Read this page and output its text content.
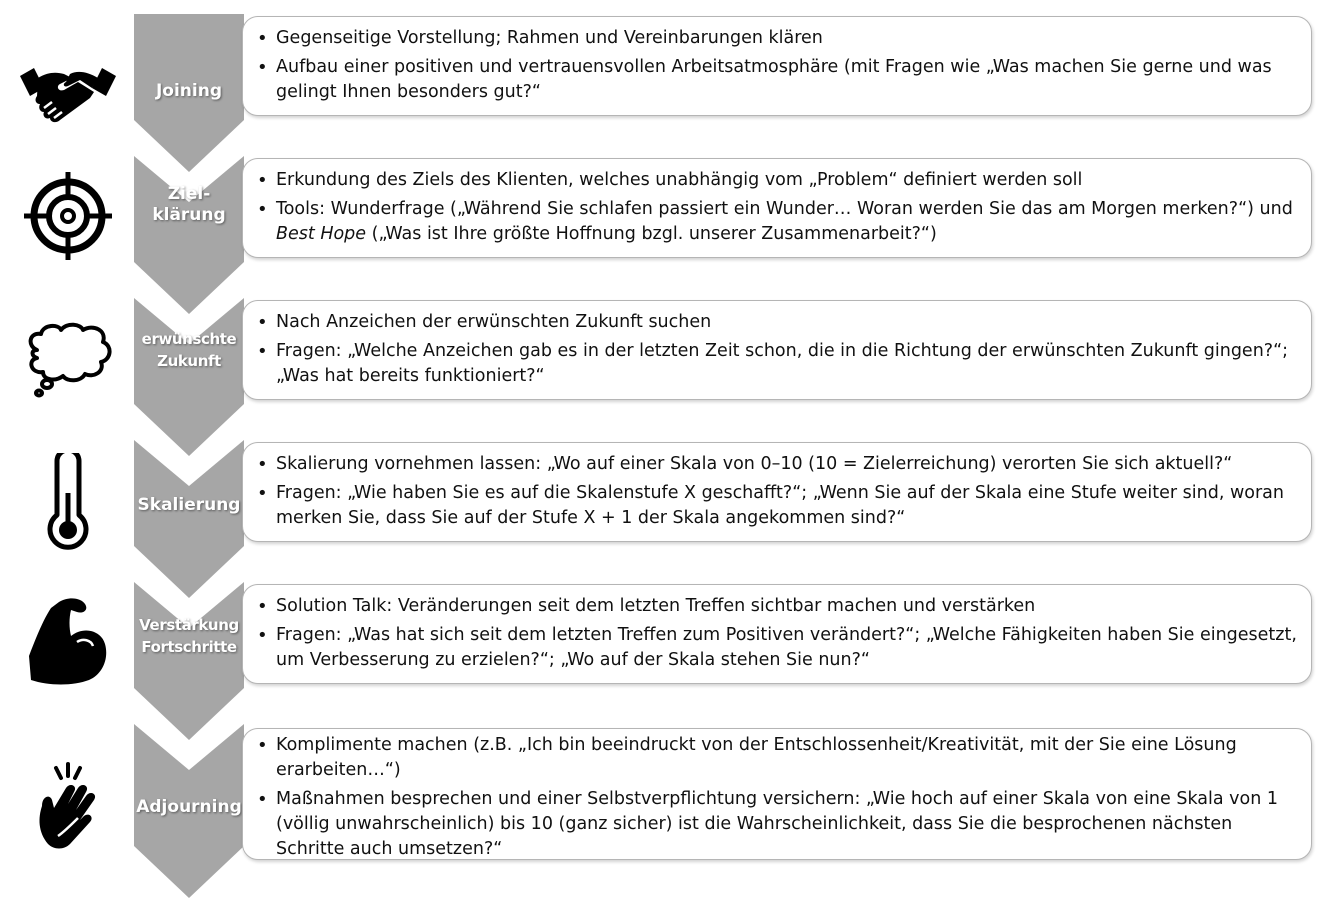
Joining
• Gegenseitige Vorstellung; Rahmen und Vereinbarungen klären
• Aufbau einer positiven und vertrauensvollen Arbeitsatmosphäre (mit Fragen wie „Was machen Sie gerne und was gelingt Ihnen besonders gut?“
Ziel-
klärung
• Erkundung des Ziels des Klienten, welches unabhängig vom „Problem“ definiert werden soll
• Tools: Wunderfrage („Während Sie schlafen passiert ein Wunder… Woran werden Sie das am Morgen merken?“) und Best Hope („Was ist Ihre größte Hoffnung bzgl. unserer Zusammenarbeit?“)
erwünschte
Zukunft
• Nach Anzeichen der erwünschten Zukunft suchen
• Fragen: „Welche Anzeichen gab es in der letzten Zeit schon, die in die Richtung der erwünschten Zukunft gingen?“; „Was hat bereits funktioniert?“
Skalierung
• Skalierung vornehmen lassen: „Wo auf einer Skala von 0–10 (10 = Zielerreichung) verorten Sie sich aktuell?“
• Fragen: „Wie haben Sie es auf die Skalenstufe X geschafft?“; „Wenn Sie auf der Skala eine Stufe weiter sind, woran merken Sie, dass Sie auf der Stufe X + 1 der Skala angekommen sind?“
Verstärkung
Fortschritte
• Solution Talk: Veränderungen seit dem letzten Treffen sichtbar machen und verstärken
• Fragen: „Was hat sich seit dem letzten Treffen zum Positiven verändert?“; „Welche Fähigkeiten haben Sie eingesetzt, um Verbesserung zu erzielen?“; „Wo auf der Skala stehen Sie nun?“
Adjourning
• Komplimente machen (z.B. „Ich bin beeindruckt von der Entschlossenheit/Kreativität, mit der Sie eine Lösung erarbeiten…“)
• Maßnahmen besprechen und einer Selbstverpflichtung versichern: „Wie hoch auf einer Skala von eine Skala von 1 (völlig unwahrscheinlich) bis 10 (ganz sicher) ist die Wahrscheinlichkeit, dass Sie die besprochenen nächsten Schritte auch umsetzen?“
